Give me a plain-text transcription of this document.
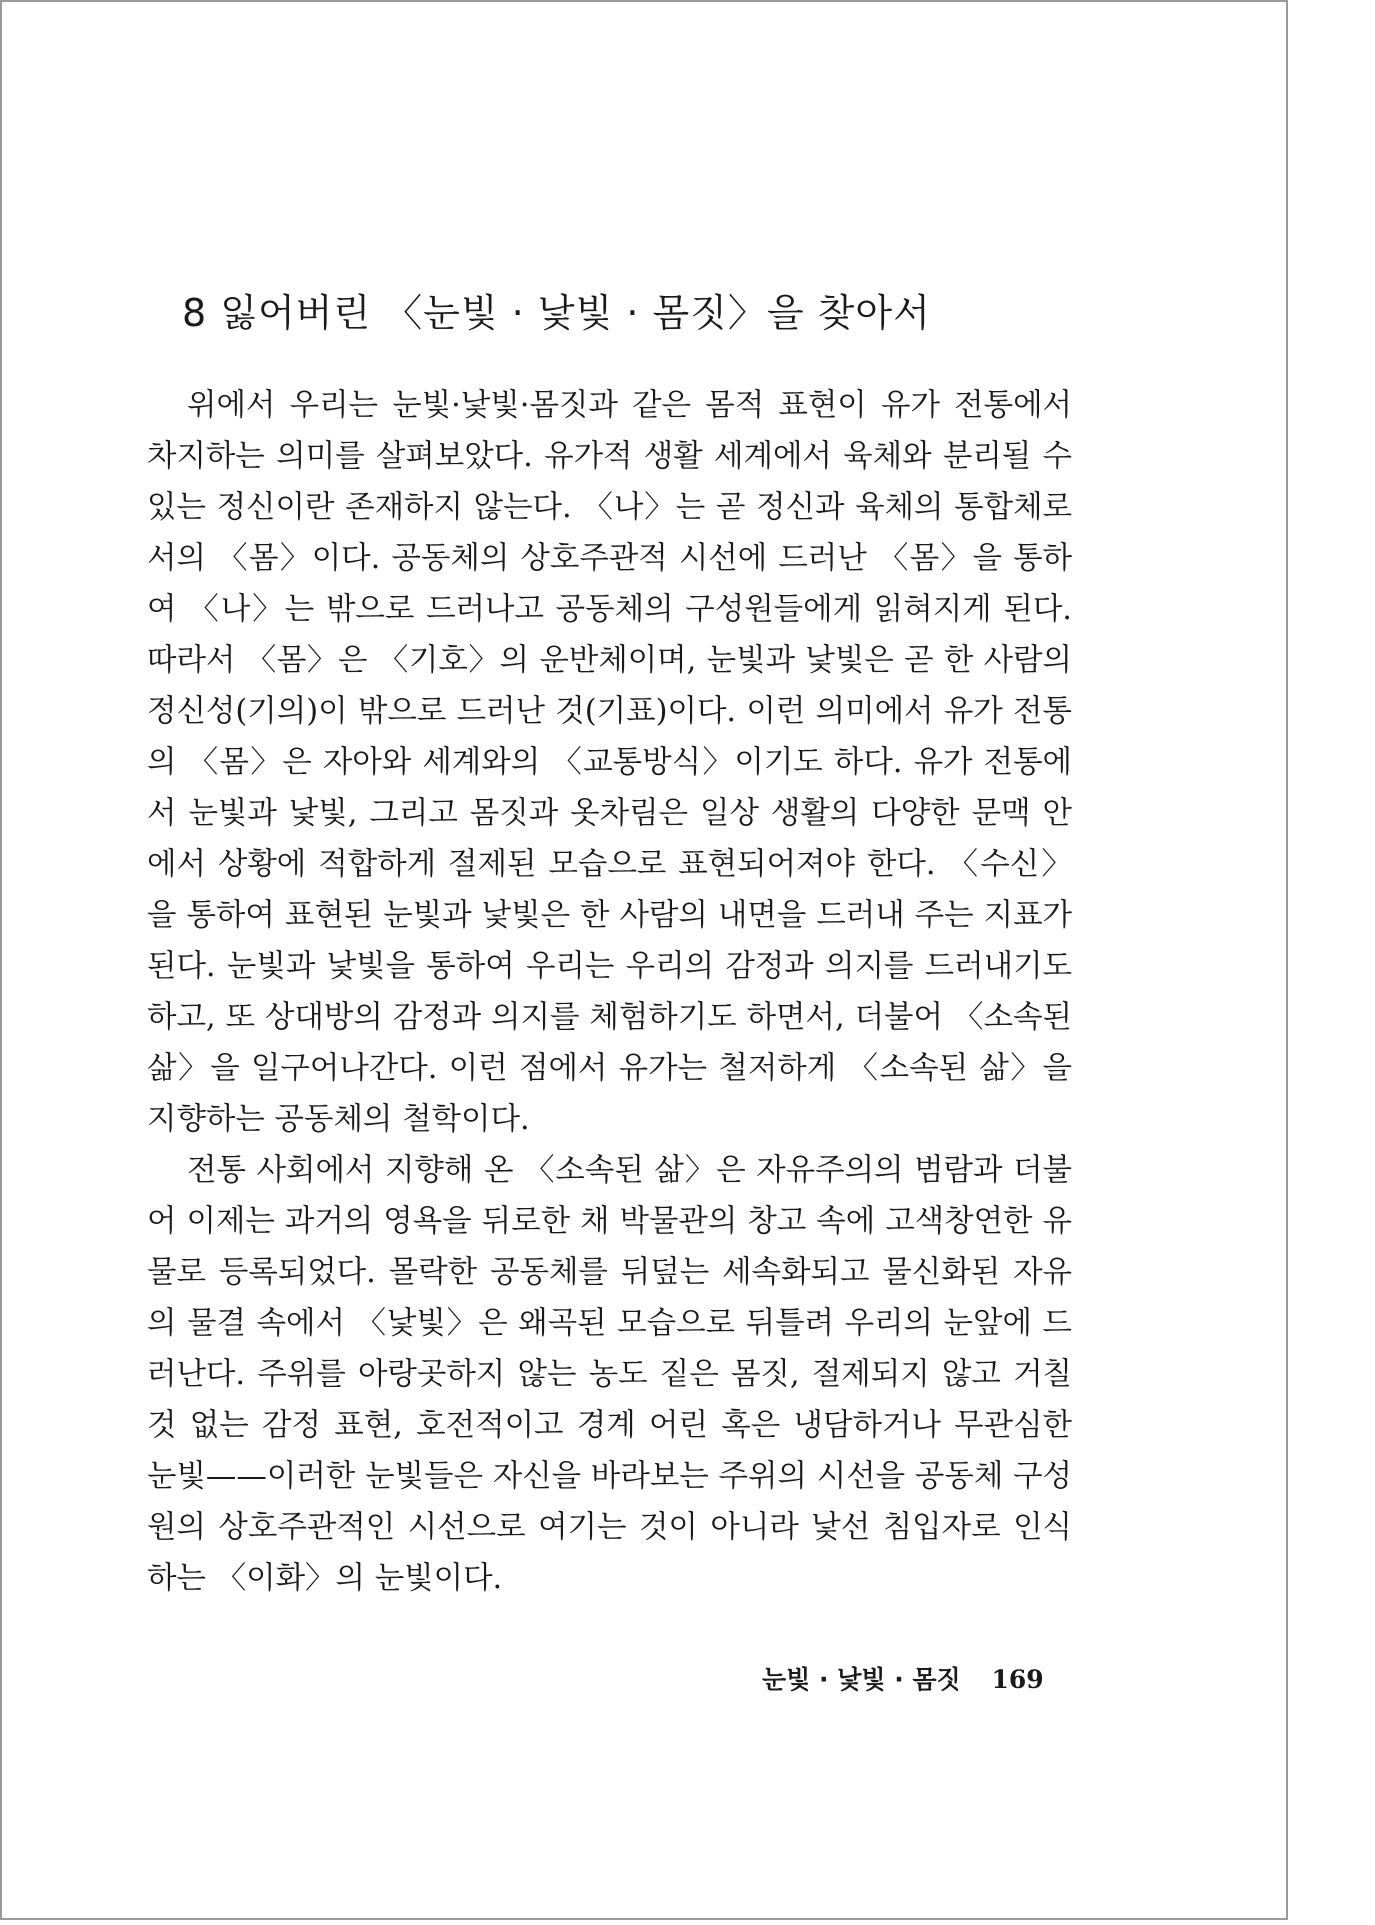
8 잃어버린 〈눈빛 · 낯빛 · 몸짓〉을 찾아서

위에서 우리는 눈빛·낯빛·몸짓과 같은 몸적 표현이 유가 전통에서 차지하는 의미를 살펴보았다. 유가적 생활 세계에서 육체와 분리될 수 있는 정신이란 존재하지 않는다. 〈나〉는 곧 정신과 육체의 통합체로서의 〈몸〉이다. 공동체의 상호주관적 시선에 드러난 〈몸〉을 통하여 〈나〉는 밖으로 드러나고 공동체의 구성원들에게 읽혀지게 된다. 따라서 〈몸〉은 〈기호〉의 운반체이며, 눈빛과 낯빛은 곧 한 사람의 정신성(기의)이 밖으로 드러난 것(기표)이다. 이런 의미에서 유가 전통의 〈몸〉은 자아와 세계와의 〈교통방식〉이기도 하다. 유가 전통에서 눈빛과 낯빛, 그리고 몸짓과 옷차림은 일상 생활의 다양한 문맥 안에서 상황에 적합하게 절제된 모습으로 표현되어져야 한다. 〈수신〉을 통하여 표현된 눈빛과 낯빛은 한 사람의 내면을 드러내 주는 지표가 된다. 눈빛과 낯빛을 통하여 우리는 우리의 감정과 의지를 드러내기도 하고, 또 상대방의 감정과 의지를 체험하기도 하면서, 더불어 〈소속된 삶〉을 일구어나간다. 이런 점에서 유가는 철저하게 〈소속된 삶〉을 지향하는 공동체의 철학이다.

전통 사회에서 지향해 온 〈소속된 삶〉은 자유주의의 범람과 더불어 이제는 과거의 영욕을 뒤로한 채 박물관의 창고 속에 고색창연한 유물로 등록되었다. 몰락한 공동체를 뒤덮는 세속화되고 물신화된 자유의 물결 속에서 〈낯빛〉은 왜곡된 모습으로 뒤틀려 우리의 눈앞에 드러난다. 주위를 아랑곳하지 않는 농도 짙은 몸짓, 절제되지 않고 거칠 것 없는 감정 표현, 호전적이고 경계 어린 혹은 냉담하거나 무관심한 눈빛——이러한 눈빛들은 자신을 바라보는 주위의 시선을 공동체 구성원의 상호주관적인 시선으로 여기는 것이 아니라 낯선 침입자로 인식하는 〈이화〉의 눈빛이다.

눈빛 · 낯빛 · 몸짓 169
